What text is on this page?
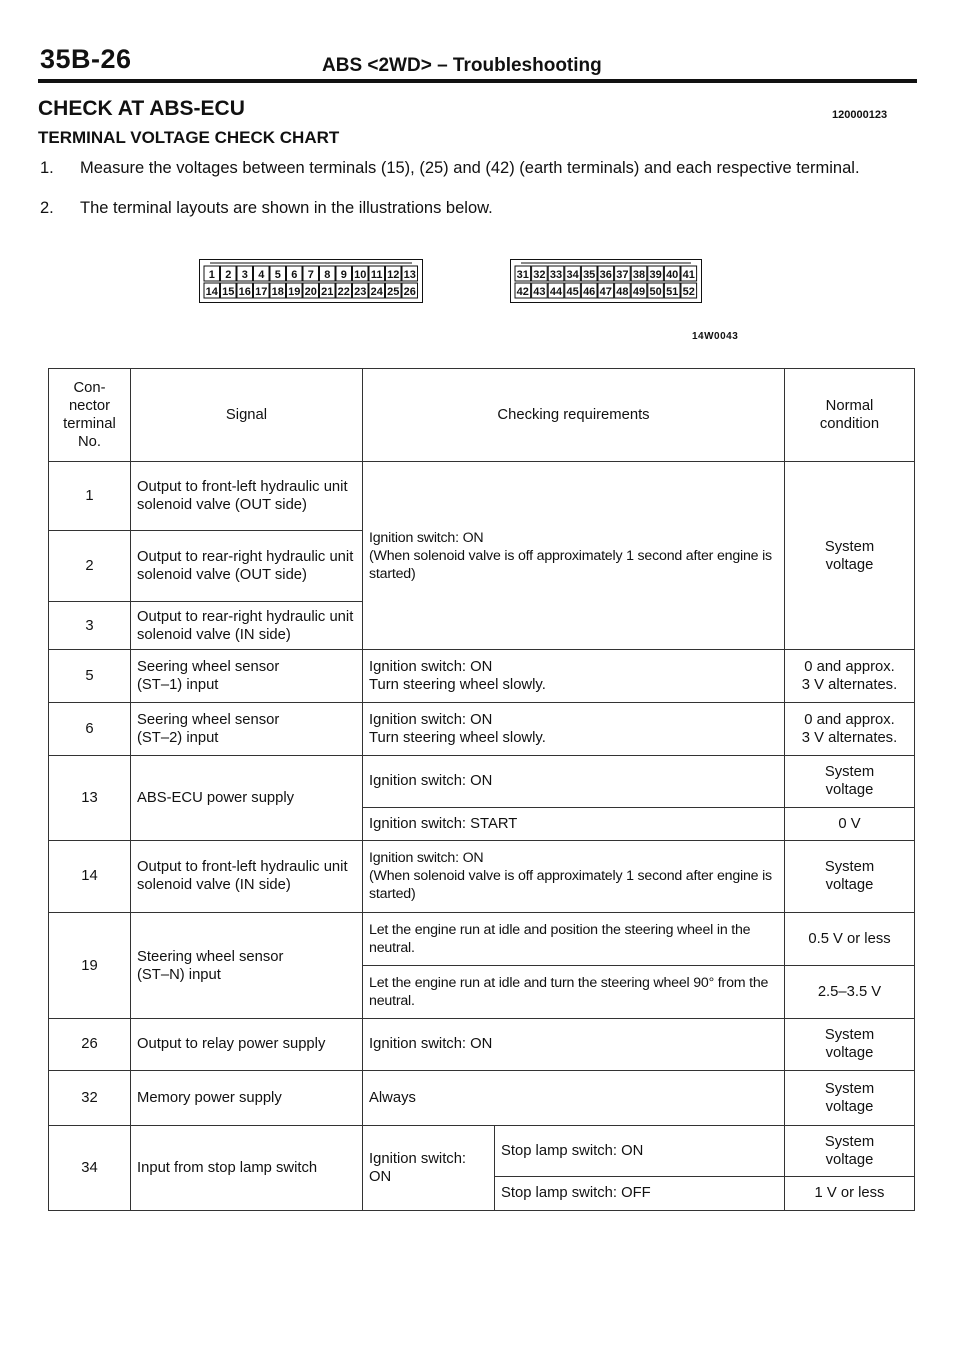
35B-26	ABS <2WD> – Troubleshooting
CHECK AT ABS-ECU	120000123
TERMINAL VOLTAGE CHECK CHART
1.	Measure the voltages between terminals (15), (25) and (42) (earth terminals) and each respective terminal.
2.	The terminal layouts are shown in the illustrations below.
1 2 3 4 5 6 7 8 9 10 11 12 13
14 15 16 17 18 19 20 21 22 23 24 25 26
31 32 33 34 35 36 37 38 39 40 41
42 43 44 45 46 47 48 49 50 51 52
14W0043
Con-
nector
terminal
No.	Signal	Checking requirements		Normal
condition
1	Output to front-left hydraulic unit solenoid valve (OUT side)	Ignition switch: ON
(When solenoid valve is off approximately 1 second after engine is started)		System
voltage
2	Output to rear-right hydraulic unit solenoid valve (OUT side)			
3	Output to rear-right hydraulic unit solenoid valve (IN side)			
5	Seering wheel sensor
(ST–1) input	Ignition switch: ON
Turn steering wheel slowly.		0 and approx.
3 V alternates.
6	Seering wheel sensor
(ST–2) input	Ignition switch: ON
Turn steering wheel slowly.		0 and approx.
3 V alternates.
13	ABS-ECU power supply	Ignition switch: ON		System
voltage
		Ignition switch: START		0 V
14	Output to front-left hydraulic unit solenoid valve (IN side)	Ignition switch: ON
(When solenoid valve is off approximately 1 second after engine is started)		System
voltage
19	Steering wheel sensor
(ST–N) input	Let the engine run at idle and position the steering wheel in the neutral.		0.5 V or less
		Let the engine run at idle and turn the steering wheel 90° from the neutral.		2.5–3.5 V
26	Output to relay power supply	Ignition switch: ON		System
voltage
32	Memory power supply	Always		System
voltage
34	Input from stop lamp switch	Ignition switch:
ON	Stop lamp switch: ON	System
voltage
			Stop lamp switch: OFF	1 V or less
